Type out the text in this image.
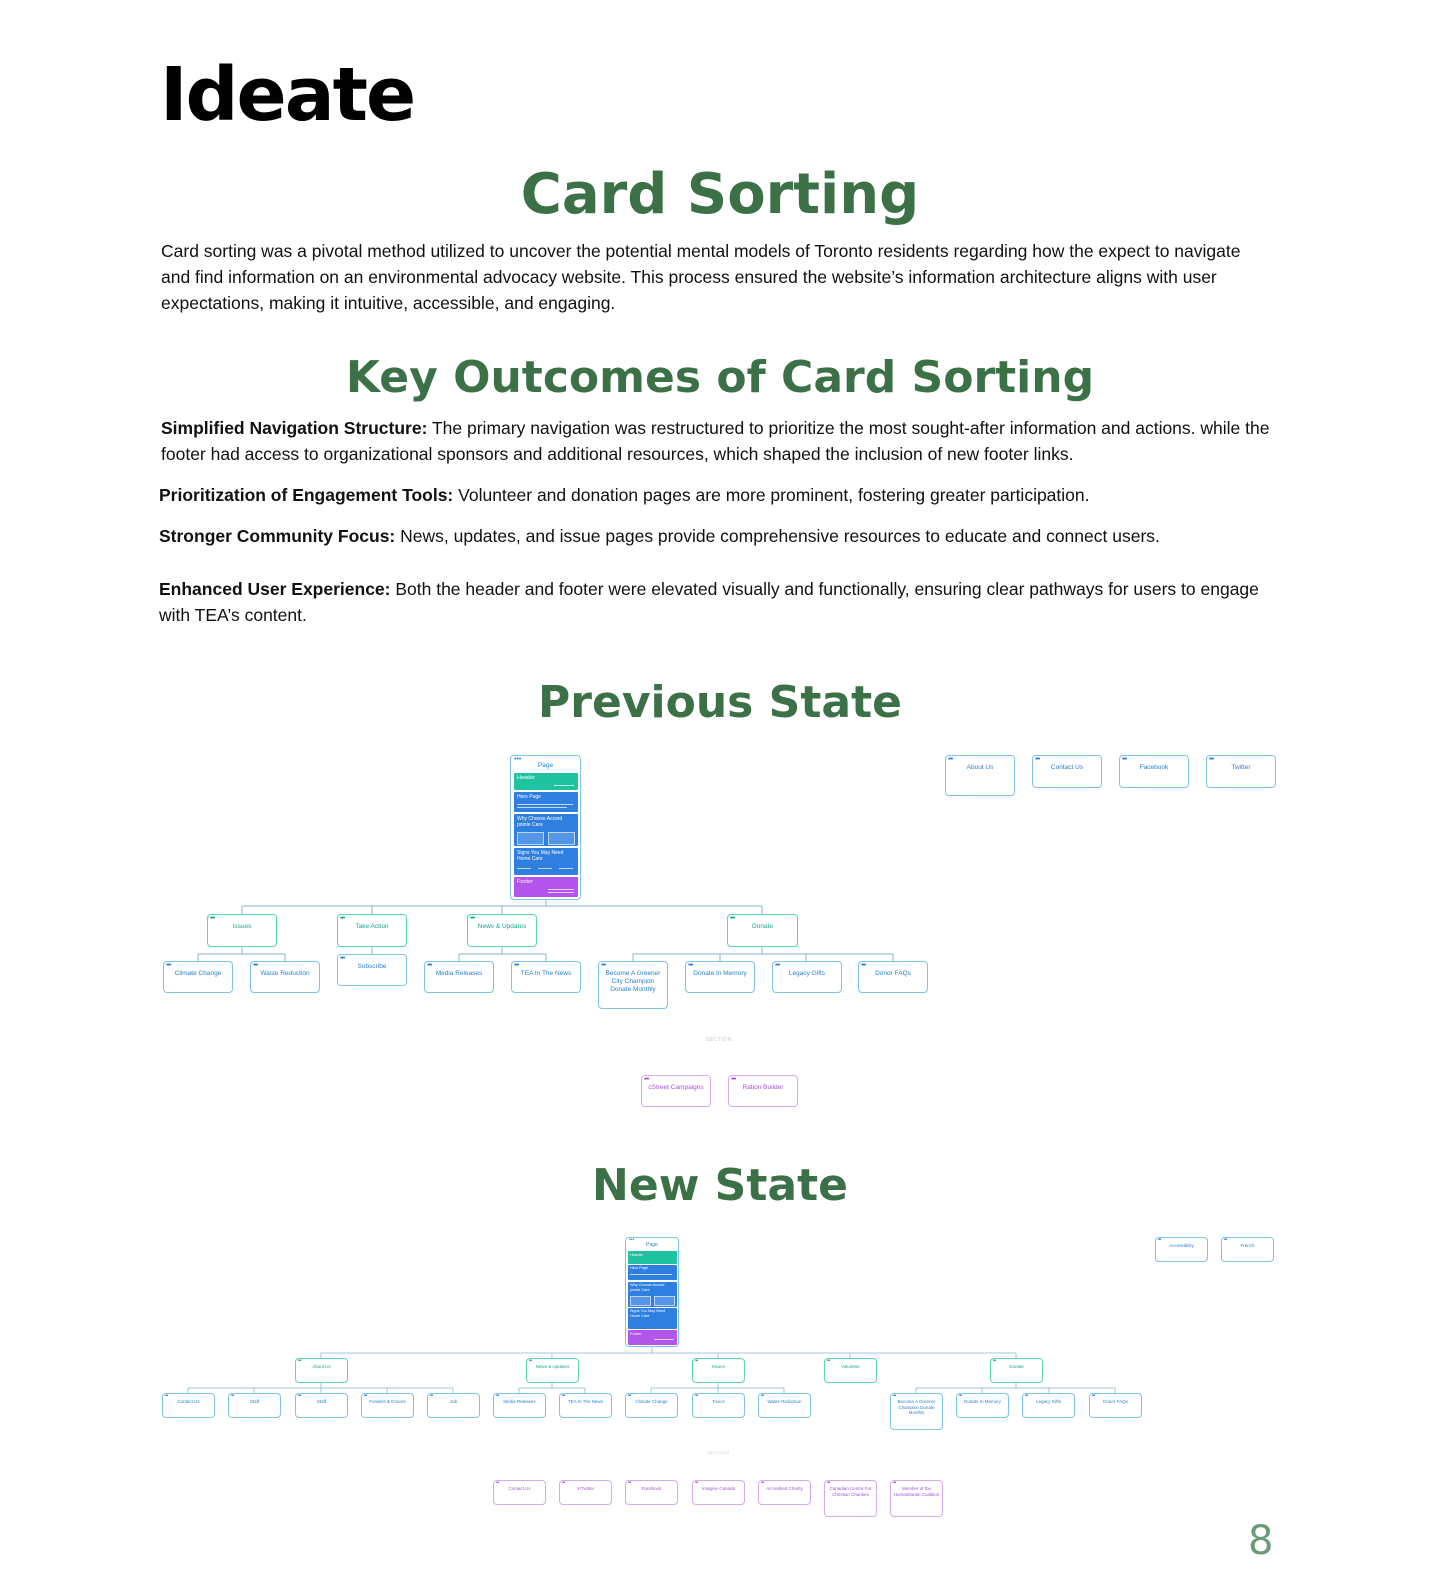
Ideate
Card Sorting

Card sorting was a pivotal method utilized to uncover the potential mental models of Toronto residents regarding how the expect to navigate and find information on an environmental advocacy website. This process ensured the website’s information architecture aligns with user expectations, making it intuitive, accessible, and engaging.

Key Outcomes of Card Sorting

Simplified Navigation Structure: The primary navigation was restructured to prioritize the most sought-after information and actions. while the footer had access to organizational sponsors and additional resources, which shaped the inclusion of new footer links.

Prioritization of Engagement Tools: Volunteer and donation pages are more prominent, fostering greater participation.

Stronger Community Focus: News, updates, and issue pages provide comprehensive resources to educate and connect users.

Enhanced User Experience: Both the header and footer were elevated visually and functionally, ensuring clear pathways for users to engage with TEA’s content.

Previous State
New State
•••
Page
Header
Hero Page
Why Choose Accord pointe Care
Signs You May Need Home Care
Footer
•••
About Us
•••
Contact Us
•••
Facebook
•••
Twitter
•••
Issues
•••
Take Action
•••
News & Updates
•••
Donate
•••
Climate Change
•••
Waste Reduction
•••
Subscribe	•••
Media Releases
•••
TEA In The News
•••
Become A Greener City Champion Donate Monthly
•••
Donate In Memory
•••
Legacy Gifts
•••
Donor FAQs
SECTION
•••
cStreet Campaigns
•••
Ration Builder
•••
Page
Header
Hero Page
Why Choose Accord pointe Care
Signs You May Need Home Care
Footer
•••
Accessibility
•••
French
•••
About Us
•••
News & Updates
•••
Issues
•••
Volunteer
•••
Donate
•••
Contact Us
•••
Staff
•••
Staff
•••
Funders & Donors
•••
Job
•••
Media Releases
•••
TEA In The News
•••
Climate Change
•••
Toxics
•••
Waste Reduction
•••
Become A Greener Champion Donate Monthly
•••
Donate In Memory
•••
Legacy Gifts
•••
Donor FAQs
SECTION
•••
Contact Us
•••
X/Twitter
•••
Facebook
•••
Imagine Canada
•••
Accredited Charity
•••
Canadian Centre For Christian Charities
•••
Member of the Humanitarian Coalition
8
